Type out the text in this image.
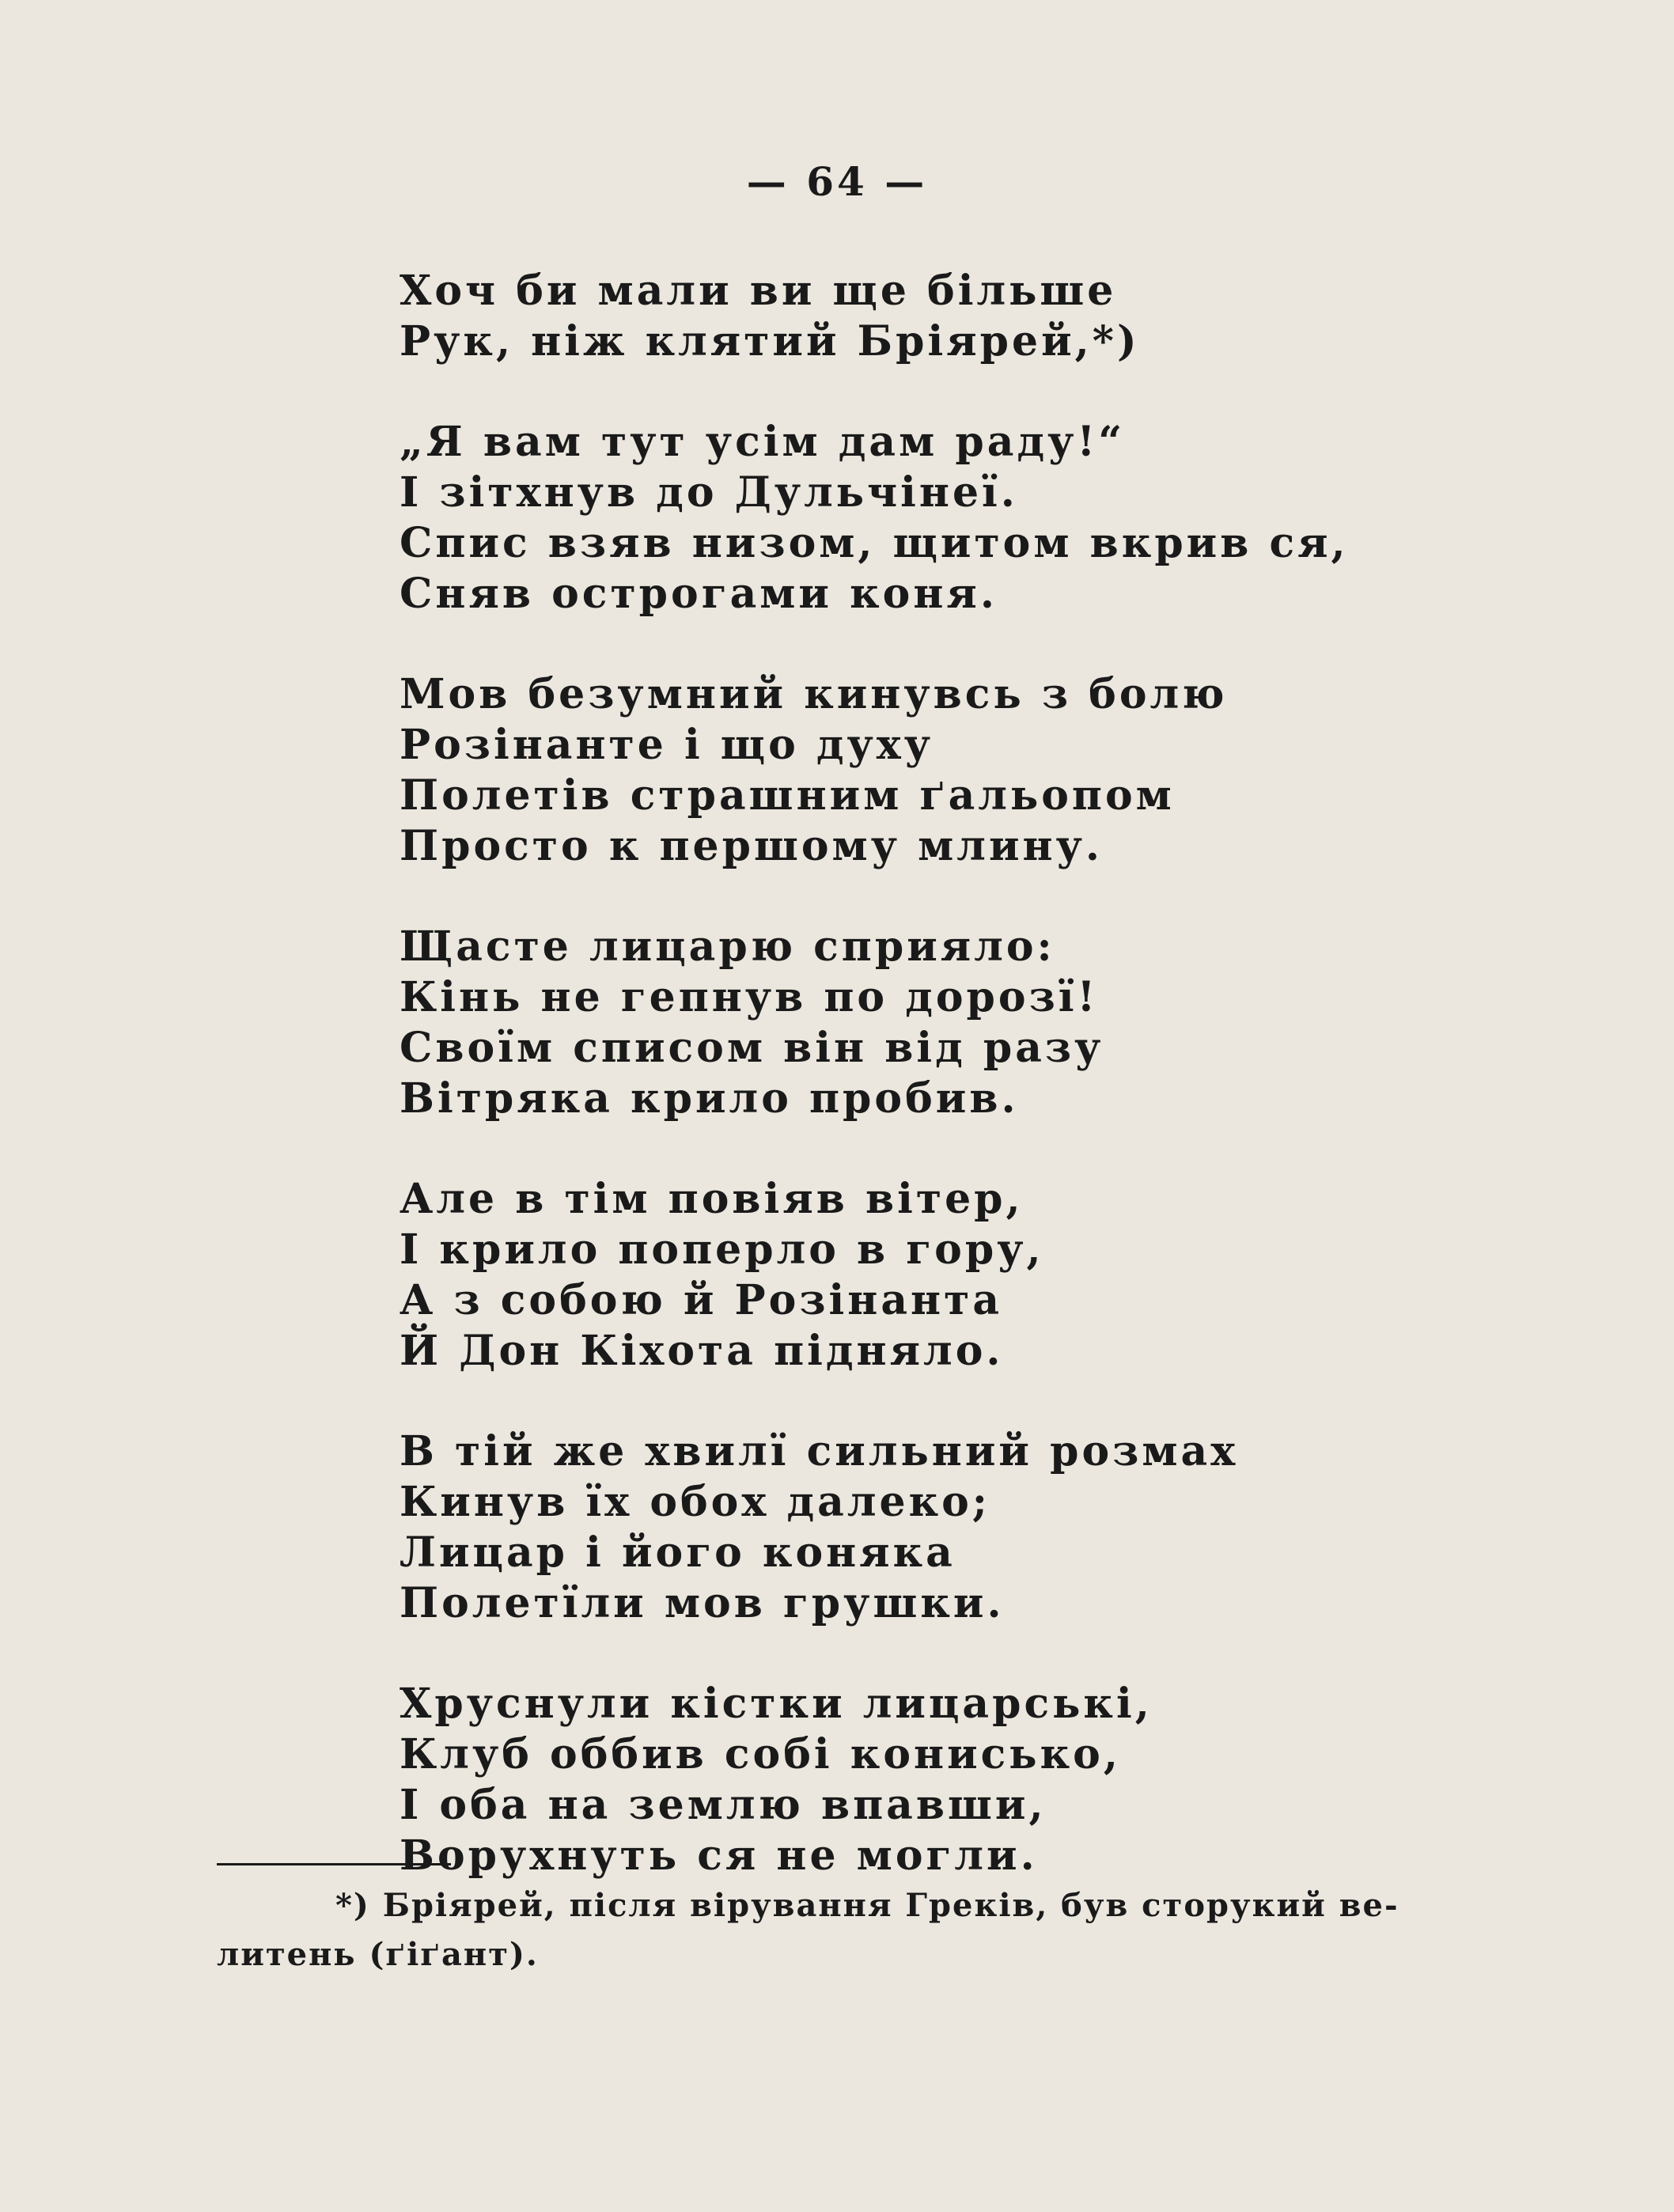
— 64 —
Хоч би мали ви ще більше
Рук, ніж клятий Бріярей,*)
„Я вам тут усім дам раду!“
І зітхнув до Дульчінеї.
Спис взяв низом, щитом вкрив ся,
Сняв острогами коня.
Мов безумний кинувсь з болю
Розінанте і що духу
Полетів страшним ґальопом
Просто к першому млину.
Щасте лицарю сприяло:
Кінь не гепнув по дорозї!
Своїм списом він від разу
Вітряка крило пробив.
Але в тім повіяв вітер,
І крило поперло в гору,
А з собою й Розінанта
Й Дон Кіхота підняло.
В тій же хвилї сильний розмах
Кинув їх обох далеко;
Лицар і його коняка
Полетїли мов грушки.
Хруснули кістки лицарські,
Клуб оббив собі конисько,
І оба на землю впавши,
Ворухнуть ся не могли.
*) Бріярей, після вірування Греків, був сторукий ве-
литень (ґіґант).
